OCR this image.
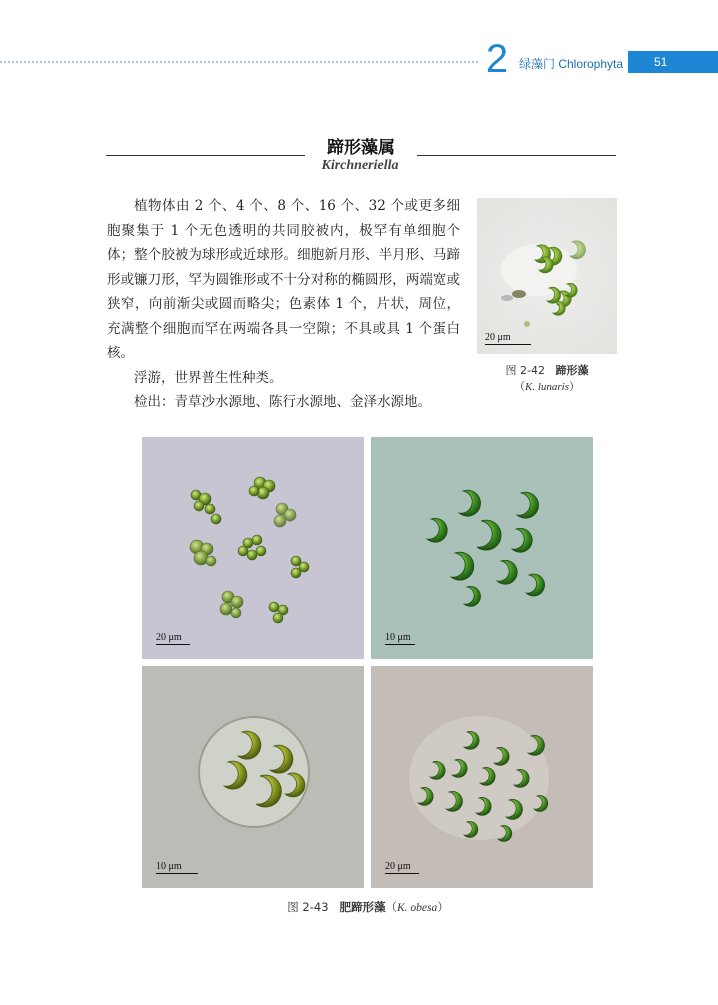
2 绿藻门 Chlorophyta	51
蹄形藻属
Kirchneriella

植物体由 2 个、4 个、8 个、16 个、32 个或更多细胞聚集于 1 个无色透明的共同胶被内，极罕有单细胞个体；整个胶被为球形或近球形。细胞新月形、半月形、马蹄形或镰刀形，罕为圆锥形或不十分对称的椭圆形，两端宽或狭窄，向前渐尖或圆而略尖；色素体 1 个，片状，周位，充满整个细胞而罕在两端各具一空隙；不具或具 1 个蛋白核。

浮游，世界普生性种类。

检出：青草沙水源地、陈行水源地、金泽水源地。

20 μm
图 2-42 蹄形藻
（K. lunaris）
20 μm	10 μm
10 μm	20 μm
图 2-43 肥蹄形藻（K. obesa）
